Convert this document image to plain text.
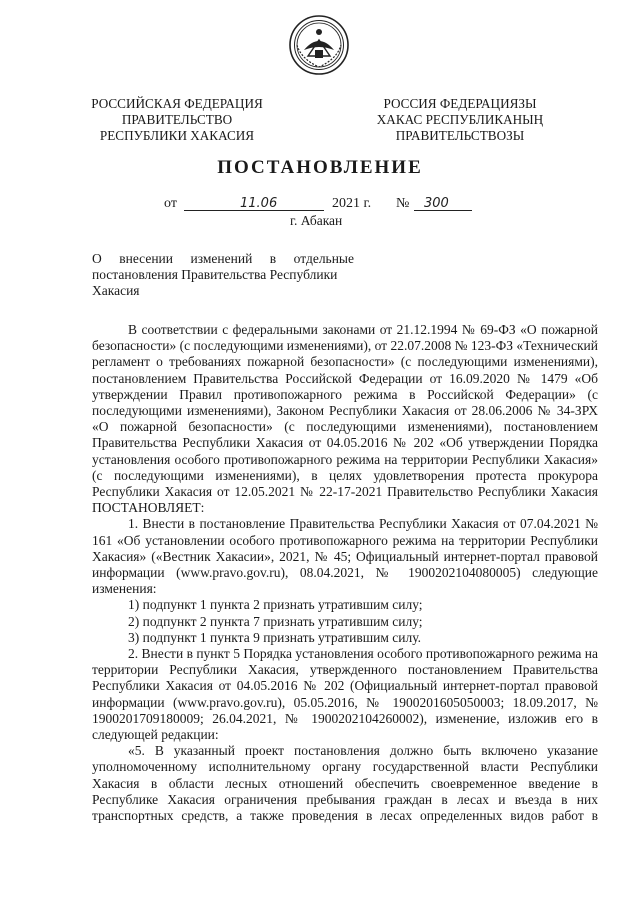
РОССИЙСКАЯ ФЕДЕРАЦИЯ
ПРАВИТЕЛЬСТВО
РЕСПУБЛИКИ ХАКАСИЯ
РОССИЯ ФЕДЕРАЦИЯЗЫ
ХАКАС РЕСПУБЛИКАНЫҢ
ПРАВИТЕЛЬСТВОЗЫ
ПОСТАНОВЛЕНИЕ
от	11.06	2021 г. № 300
г. Абакан
О внесении изменений в отдельные
постановления Правительства Республики
Хакасия

В соответствии с федеральными законами от 21.12.1994 № 69-ФЗ «О пожарной безопасности» (с последующими изменениями), от 22.07.2008 № 123-ФЗ «Технический регламент о требованиях пожарной безопасности» (с последующими изменениями), постановлением Правительства Российской Федерации от 16.09.2020 № 1479 «Об утверждении Правил противопожарного режима в Российской Федерации» (с последующими изменениями), Законом Республики Хакасия от 28.06.2006 № 34-ЗРХ «О пожарной безопасности» (с последующими изменениями), постановлением Правительства Республики Хакасия от 04.05.2016 № 202 «Об утверждении Порядка установления особого противопожарного режима на территории Республики Хакасия» (с последующими изменениями), в целях удовлетворения протеста прокурора Республики Хакасия от 12.05.2021 № 22-17-2021 Правительство Республики Хакасия

ПОСТАНОВЛЯЕТ:

1. Внести в постановление Правительства Республики Хакасия от 07.04.2021 № 161 «Об установлении особого противопожарного режима на территории Республики Хакасия» («Вестник Хакасии», 2021, № 45; Официальный интернет-портал правовой информации (www.pravo.gov.ru), 08.04.2021, № 1900202104080005) следующие изменения:

1) подпункт 1 пункта 2 признать утратившим силу;

2) подпункт 2 пункта 7 признать утратившим силу;

3) подпункт 1 пункта 9 признать утратившим силу.

2. Внести в пункт 5 Порядка установления особого противопожарного режима на территории Республики Хакасия, утвержденного постановлением Правительства Республики Хакасия от 04.05.2016 № 202 (Официальный интернет-портал правовой информации (www.pravo.gov.ru), 05.05.2016, № 1900201605050003; 18.09.2017, № 1900201709180009; 26.04.2021, № 1900202104260002), изменение, изложив его в следующей редакции:

«5. В указанный проект постановления должно быть включено указание уполномоченному исполнительному органу государственной власти Республики Хакасия в области лесных отношений обеспечить своевременное введение в Республике Хакасия ограничения пребывания граждан в лесах и въезда в них транспортных средств, а также проведения в лесах определенных видов работ в
